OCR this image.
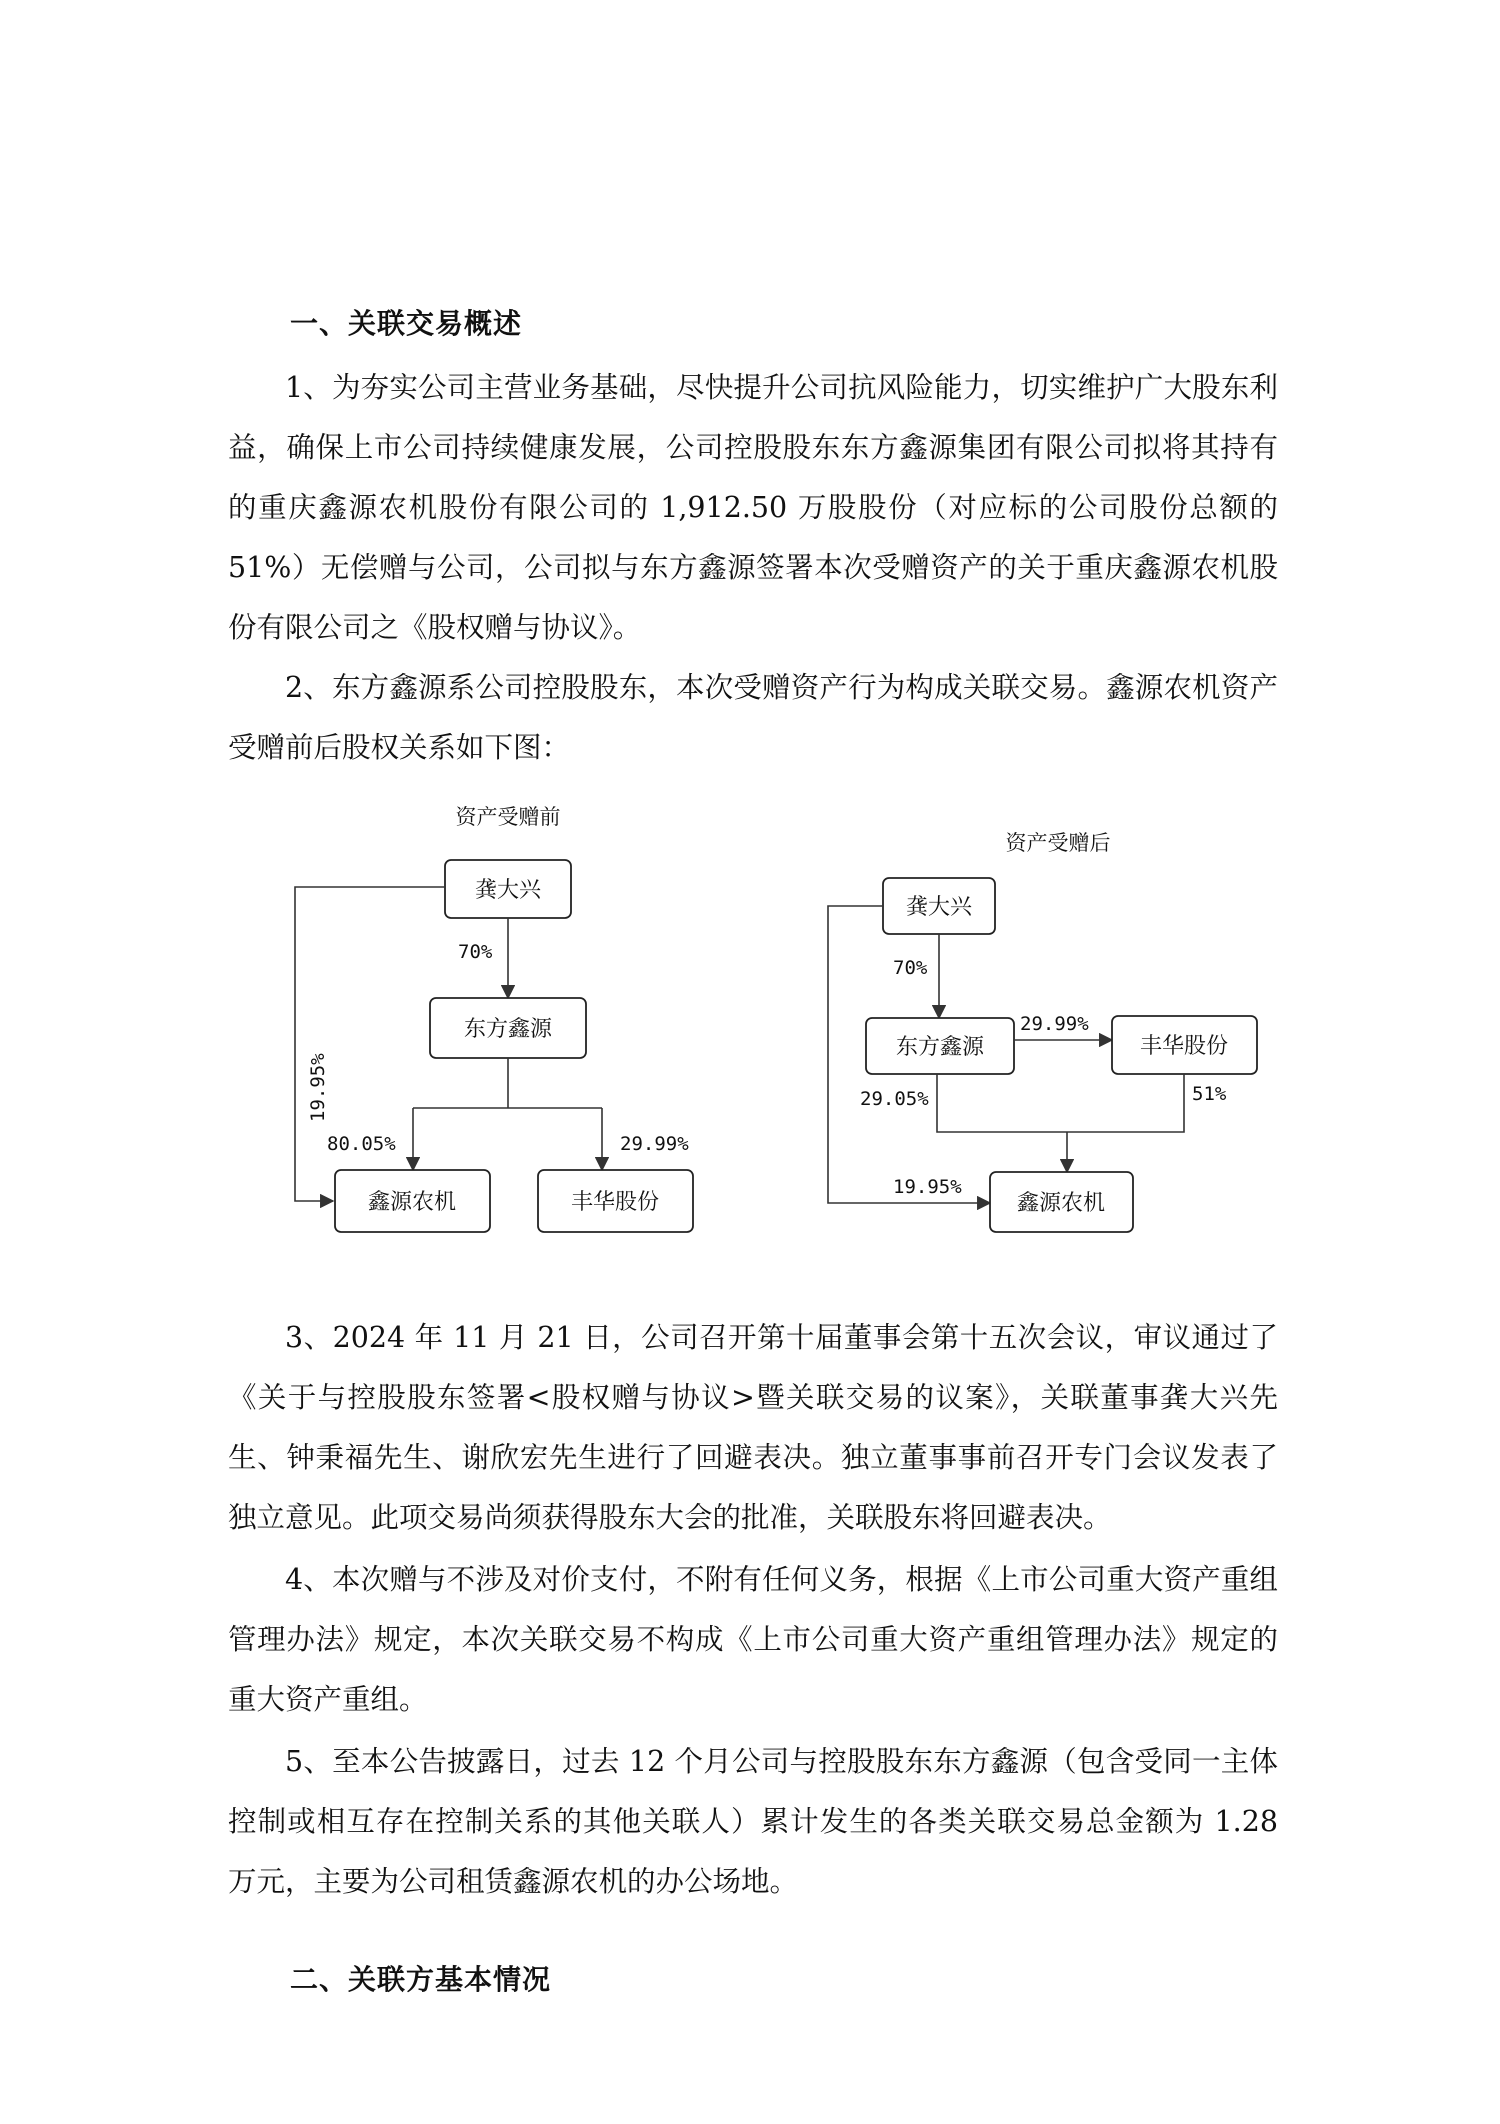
一、关联交易概述

1、为夯实公司主营业务基础，尽快提升公司抗风险能力，切实维护广大股东利益，确保上市公司持续健康发展，公司控股股东东方鑫源集团有限公司拟将其持有的重庆鑫源农机股份有限公司的 1,912.50 万股股份（对应标的公司股份总额的 51%）无偿赠与公司，公司拟与东方鑫源签署本次受赠资产的关于重庆鑫源农机股份有限公司之《股权赠与协议》。

2、东方鑫源系公司控股股东，本次受赠资产行为构成关联交易。鑫源农机资产受赠前后股权关系如下图：

资产受赠前
龚大兴
70%
东方鑫源
19.95%
80.05%	29.99%
鑫源农机	丰华股份
资产受赠后
龚大兴
70%
东方鑫源
29.99%
丰华股份
29.05%	51%
19.95%
鑫源农机

3、2024 年 11 月 21 日，公司召开第十届董事会第十五次会议，审议通过了《关于与控股股东签署<股权赠与协议>暨关联交易的议案》，关联董事龚大兴先生、钟秉福先生、谢欣宏先生进行了回避表决。独立董事事前召开专门会议发表了独立意见。此项交易尚须获得股东大会的批准，关联股东将回避表决。

4、本次赠与不涉及对价支付，不附有任何义务，根据《上市公司重大资产重组管理办法》规定，本次关联交易不构成《上市公司重大资产重组管理办法》规定的重大资产重组。

5、至本公告披露日，过去 12 个月公司与控股股东东方鑫源（包含受同一主体控制或相互存在控制关系的其他关联人）累计发生的各类关联交易总金额为 1.28 万元，主要为公司租赁鑫源农机的办公场地。

二、关联方基本情况
